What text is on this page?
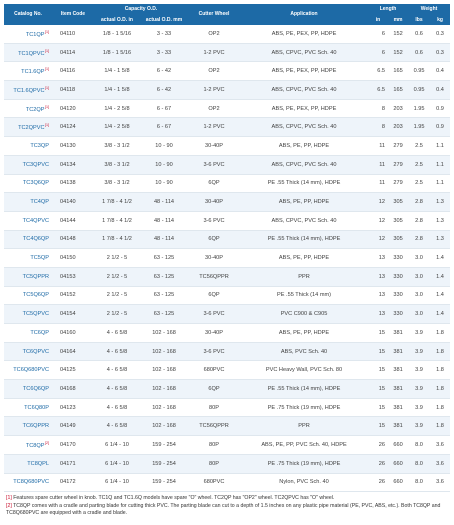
Catalog No.	Item Code	Capacity O.D.		Cutter Wheel	Application	Length		Weight	
		actual O.D. in	actual O.D. mm			in	mm	lbs	kg
TC1QP[1]	04110	1/8 - 1 5/16	3 - 33	OP2	ABS, PE, PEX, PP, HDPE	6	152	0.6	0.3
TC1QPVC[1]	04114	1/8 - 1 5/16	3 - 33	1-2 PVC	ABS, CPVC, PVC Sch. 40	6	152	0.6	0.3
TC1.6QP[1]	04116	1/4 - 1 5/8	6 - 42	OP2	ABS, PE, PEX, PP, HDPE	6.5	165	0.95	0.4
TC1.6QPVC[1]	04118	1/4 - 1 5/8	6 - 42	1-2 PVC	ABS, CPVC, PVC Sch. 40	6.5	165	0.95	0.4
TC2QP[1]	04120	1/4 - 2 5/8	6 - 67	OP2	ABS, PE, PEX, PP, HDPE	8	203	1.95	0.9
TC2QPVC[1]	04124	1/4 - 2 5/8	6 - 67	1-2 PVC	ABS, CPVC, PVC Sch. 40	8	203	1.95	0.9
TC3QP	04130	3/8 - 3 1/2	10 - 90	30-40P	ABS, PE, PP, HDPE	11	279	2.5	1.1
TC3QPVC	04134	3/8 - 3 1/2	10 - 90	3-6 PVC	ABS, CPVC, PVC Sch. 40	11	279	2.5	1.1
TC3Q6QP	04138	3/8 - 3 1/2	10 - 90	6QP	PE .55 Thick (14 mm), HDPE	11	279	2.5	1.1
TC4QP	04140	1 7/8 - 4 1/2	48 - 114	30-40P	ABS, PE, PP, HDPE	12	305	2.8	1.3
TC4QPVC	04144	1 7/8 - 4 1/2	48 - 114	3-6 PVC	ABS, CPVC, PVC Sch. 40	12	305	2.8	1.3
TC4Q6QP	04148	1 7/8 - 4 1/2	48 - 114	6QP	PE .55 Thick (14 mm), HDPE	12	305	2.8	1.3
TC5QP	04150	2 1/2 - 5	63 - 125	30-40P	ABS, PE, PP, HDPE	13	330	3.0	1.4
TC5QPPR	04153	2 1/2 - 5	63 - 125	TC56QPPR	PPR	13	330	3.0	1.4
TC5Q6QP	04152	2 1/2 - 5	63 - 125	6QP	PE .55 Thick (14 mm)	13	330	3.0	1.4
TC5QPVC	04154	2 1/2 - 5	63 - 125	3-6 PVC	PVC C900 & C905	13	330	3.0	1.4
TC6QP	04160	4 - 6 5/8	102 - 168	30-40P	ABS, PE, PP, HDPE	15	381	3.9	1.8
TC6QPVC	04164	4 - 6 5/8	102 - 168	3-6 PVC	ABS, PVC Sch. 40	15	381	3.9	1.8
TC6Q680PVC	04125	4 - 6 5/8	102 - 168	680PVC	PVC Heavy Wall, PVC Sch. 80	15	381	3.9	1.8
TC6Q6QP	04168	4 - 6 5/8	102 - 168	6QP	PE .55 Thick (14 mm), HDPE	15	381	3.9	1.8
TC6Q80P	04123	4 - 6 5/8	102 - 168	80P	PE .75 Thick (19 mm), HDPE	15	381	3.9	1.8
TC6QPPR	04149	4 - 6 5/8	102 - 168	TC56QPPR	PPR	15	381	3.9	1.8
TC8QP[2]	04170	6 1/4 - 10	159 - 254	80P	ABS, PE, PP, PVC Sch. 40, HDPE	26	660	8.0	3.6
TC8QPL	04171	6 1/4 - 10	159 - 254	80P	PE .75 Thick (19 mm), HDPE	26	660	8.0	3.6
TC8Q680PVC	04172	6 1/4 - 10	159 - 254	680PVC	Nylon, PVC Sch. 40	26	660	8.0	3.6
[1] Features spare cutter wheel in knob. TC1Q and TC1.6Q models have spare "O" wheel. TC2QP has "OP2" wheel. TC2QPVC has "O" wheel.
[2] TC8QP comes with a cradle and parting blade for cutting thick PVC. The parting blade can cut to a depth of 1.5 inches on any plastic pipe material (PE, PVC, ABS, etc.). Both TC8QP and TC8Q680PVC are equipped with a cradle and blade.
